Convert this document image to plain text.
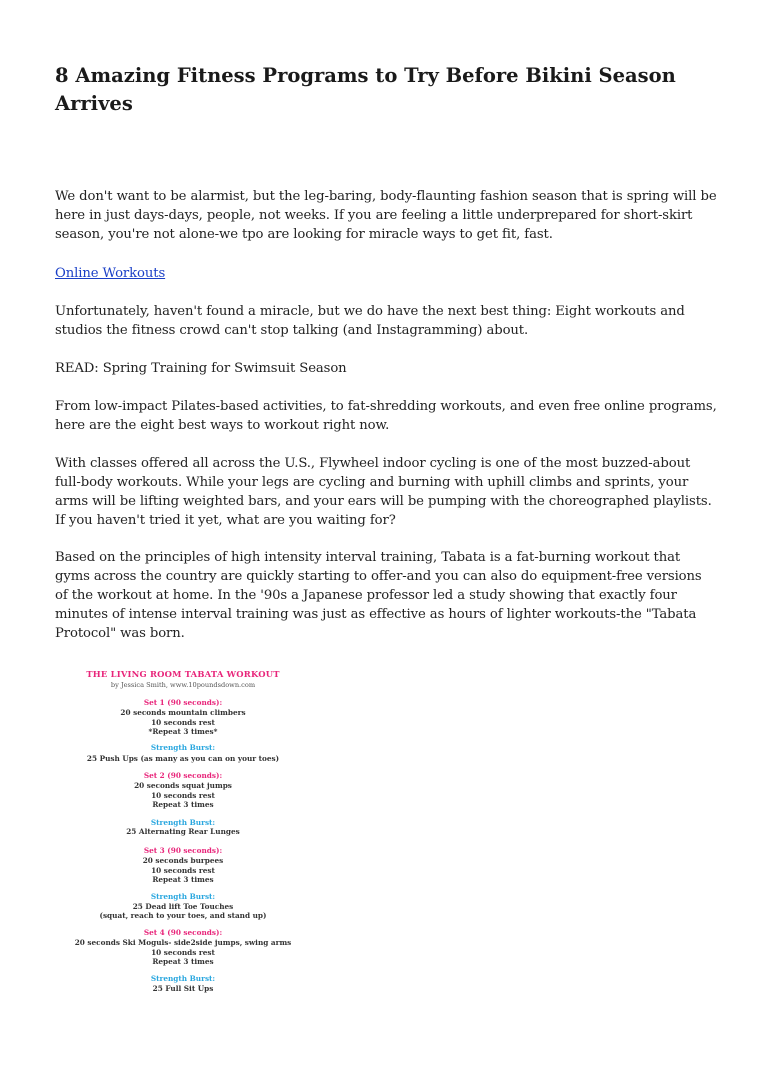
8 Amazing Fitness Programs to Try Before Bikini Season Arrives

We don't want to be alarmist, but the leg-baring, body-flaunting fashion season that is spring will be here in just days-days, people, not weeks. If you are feeling a little underprepared for short-skirt season, you're not alone-we tpo are looking for miracle ways to get fit, fast.

Online Workouts

Unfortunately, haven't found a miracle, but we do have the next best thing: Eight workouts and studios the fitness crowd can't stop talking (and Instagramming) about.

READ: Spring Training for Swimsuit Season

From low-impact Pilates-based activities, to fat-shredding workouts, and even free online programs, here are the eight best ways to workout right now.

With classes offered all across the U.S., Flywheel indoor cycling is one of the most buzzed-about full-body workouts. While your legs are cycling and burning with uphill climbs and sprints, your arms will be lifting weighted bars, and your ears will be pumping with the choreographed playlists. If you haven't tried it yet, what are you waiting for?

Based on the principles of high intensity interval training, Tabata is a fat-burning workout that gyms across the country are quickly starting to offer-and you can also do equipment-free versions of the workout at home. In the '90s a Japanese professor led a study showing that exactly four minutes of intense interval training was just as effective as hours of lighter workouts-the "Tabata Protocol" was born.

THE LIVING ROOM TABATA WORKOUT
by Jessica Smith, www.10poundsdown.com
Set 1 (90 seconds):
20 seconds mountain climbers
10 seconds rest
*Repeat 3 times*
Strength Burst:
25 Push Ups (as many as you can on your toes)
Set 2 (90 seconds):
20 seconds squat jumps
10 seconds rest
Repeat 3 times
Strength Burst:
25 Alternating Rear Lunges
Set 3 (90 seconds):
20 seconds burpees
10 seconds rest
Repeat 3 times
Strength Burst:
25 Dead lift Toe Touches
(squat, reach to your toes, and stand up)
Set 4 (90 seconds):
20 seconds Ski Moguls- side2side jumps, swing arms
10 seconds rest
Repeat 3 times
Strength Burst:
25 Full Sit Ups
